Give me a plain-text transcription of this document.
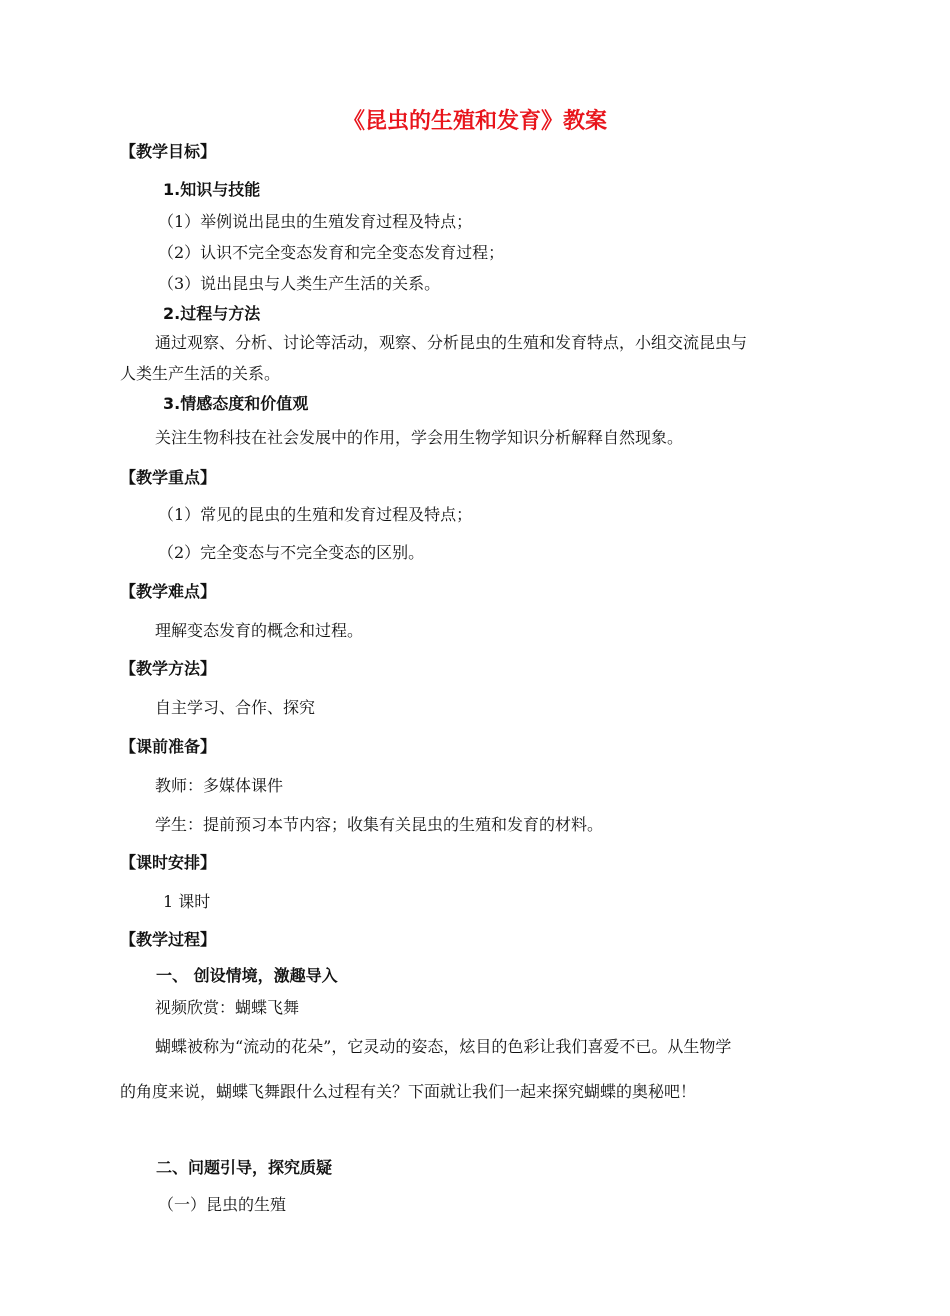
《昆虫的生殖和发育》教案
【教学目标】
1.知识与技能
（1）举例说出昆虫的生殖发育过程及特点；
（2）认识不完全变态发育和完全变态发育过程；
（3）说出昆虫与人类生产生活的关系。
2.过程与方法
通过观察、分析、讨论等活动，观察、分析昆虫的生殖和发育特点，小组交流昆虫与
人类生产生活的关系。
3.情感态度和价值观
关注生物科技在社会发展中的作用，学会用生物学知识分析解释自然现象。
【教学重点】
（1）常见的昆虫的生殖和发育过程及特点；
（2）完全变态与不完全变态的区别。
【教学难点】
理解变态发育的概念和过程。
【教学方法】
自主学习、合作、探究
【课前准备】
教师：多媒体课件
学生：提前预习本节内容；收集有关昆虫的生殖和发育的材料。
【课时安排】
1 课时
【教学过程】
一、 创设情境，激趣导入
视频欣赏：蝴蝶飞舞
蝴蝶被称为“流动的花朵”，它灵动的姿态，炫目的色彩让我们喜爱不已。从生物学
的角度来说，蝴蝶飞舞跟什么过程有关？下面就让我们一起来探究蝴蝶的奥秘吧！
二、问题引导，探究质疑
（一）昆虫的生殖
